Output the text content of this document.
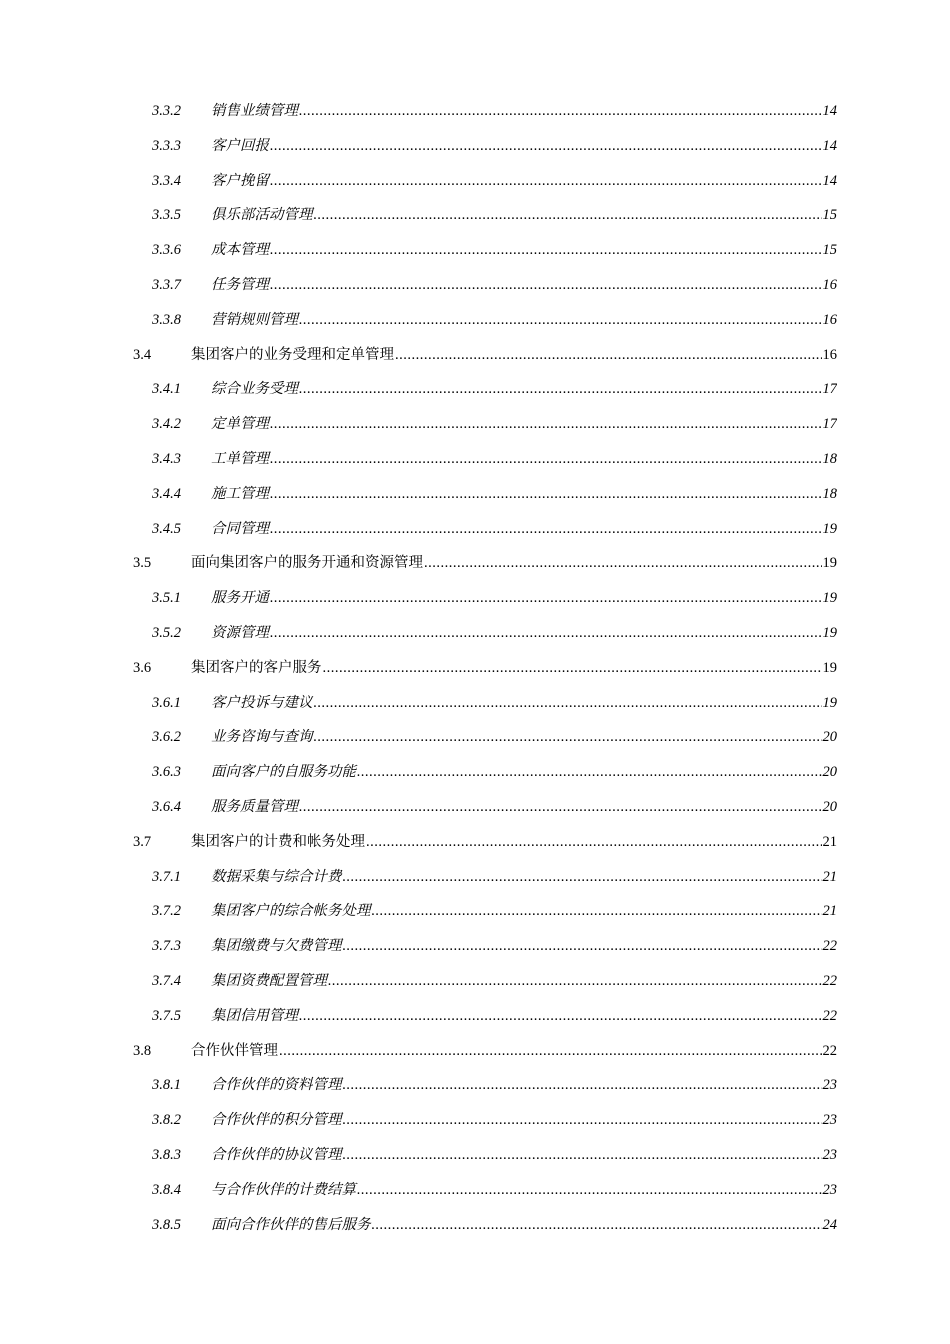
3.3.2 销售业绩管理 .....	14
3.3.3 客户回报 .....	14
3.3.4 客户挽留 .....	14
3.3.5 俱乐部活动管理 .....	15
3.3.6 成本管理 .....	15
3.3.7 任务管理 .....	16
3.3.8 营销规则管理 .....	16
3.4	集团客户的业务受理和定单管理 .....	16
3.4.1 综合业务受理 .....	17
3.4.2 定单管理 .....	17
3.4.3 工单管理 .....	18
3.4.4 施工管理 .....	18
3.4.5 合同管理 .....	19
3.5	面向集团客户的服务开通和资源管理 .....	19
3.5.1 服务开通 .....	19
3.5.2 资源管理 .....	19
3.6	集团客户的客户服务 .....	19
3.6.1 客户投诉与建议 .....	19
3.6.2 业务咨询与查询 .....	20
3.6.3 面向客户的自服务功能 .....	20
3.6.4 服务质量管理 .....	20
3.7	集团客户的计费和帐务处理 .....	21
3.7.1 数据采集与综合计费 .....	21
3.7.2 集团客户的综合帐务处理 .....	21
3.7.3 集团缴费与欠费管理 .....	22
3.7.4 集团资费配置管理 .....	22
3.7.5 集团信用管理 .....	22
3.8	合作伙伴管理 .....	22
3.8.1 合作伙伴的资料管理 .....	23
3.8.2 合作伙伴的积分管理 .....	23
3.8.3 合作伙伴的协议管理 .....	23
3.8.4 与合作伙伴的计费结算 .....	23
3.8.5 面向合作伙伴的售后服务 .....	24
